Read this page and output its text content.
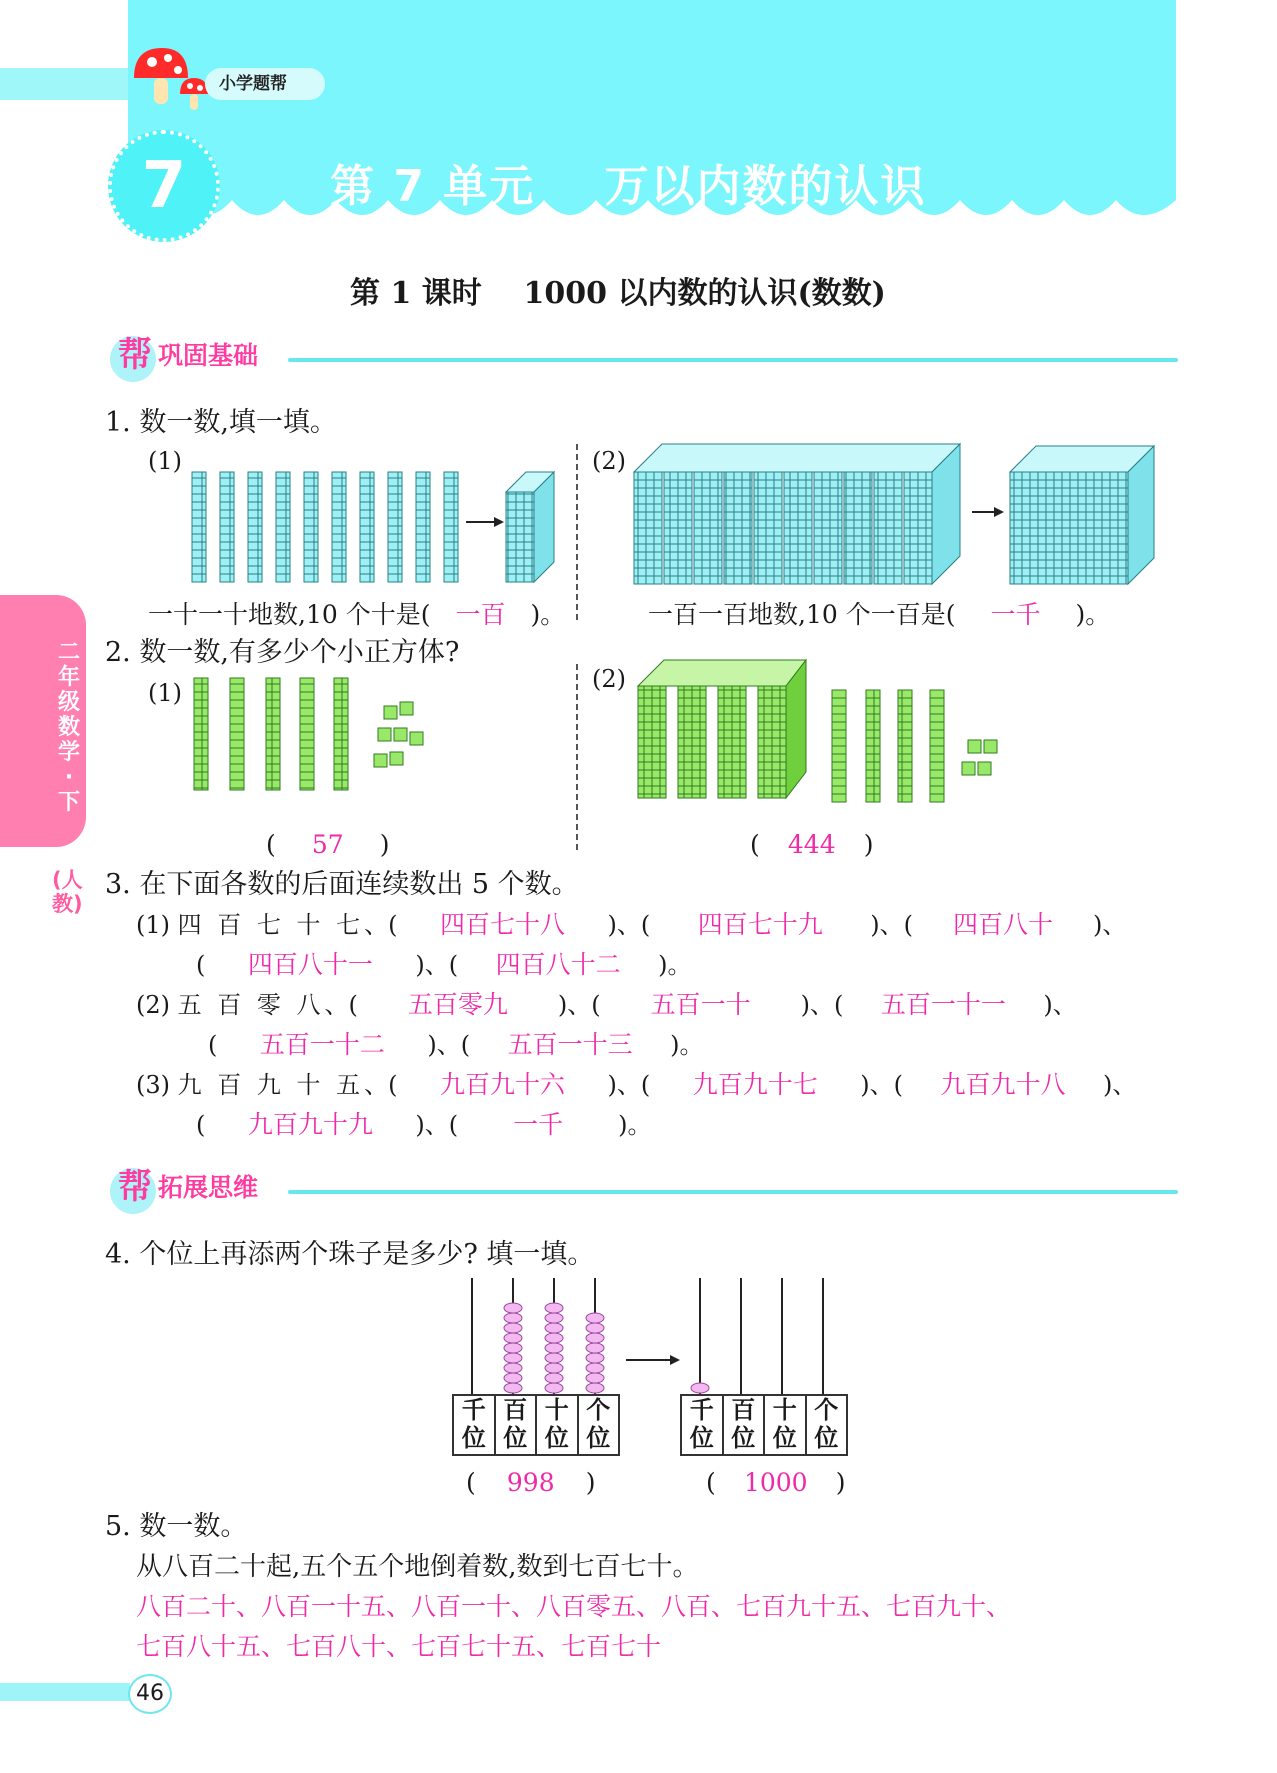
小学题帮
7	第 7 单元    万以内数的认识
第 1 课时    1000 以内数的认识(数数)
帮 巩固基础
二年级数学·下
(人教)
1. 数一数,填一填。
(1)	(2)
一十一十地数,10 个十是( 一百 )。	一百一百地数,10 个一百是( 一千 )。
2. 数一数,有多少个小正方体?
(1)	(2)
( 57 )	( 444 )
3. 在下面各数的后面连续数出 5 个数。
(1) 四 百 七 十 七、( 四百七十八 )、( 四百七十九 )、( 四百八十 )、
( 四百八十一 )、( 四百八十二 )。
(2) 五 百 零 八、( 五百零九 )、( 五百一十 )、( 五百一十一 )、
( 五百一十二 )、( 五百一十三 )。
(3) 九 百 九 十 五、( 九百九十六 )、( 九百九十七 )、( 九百九十八 )、
( 九百九十九 )、( 一千 )。
帮 拓展思维
4. 个位上再添两个珠子是多少? 填一填。
千
位
百
位
十
位
个
位
千
位
百
位
十
位
个
位
( 998 )	( 1000 )
5. 数一数。
从八百二十起,五个五个地倒着数,数到七百七十。
八百二十、八百一十五、八百一十、八百零五、八百、七百九十五、七百九十、
七百八十五、七百八十、七百七十五、七百七十
46
